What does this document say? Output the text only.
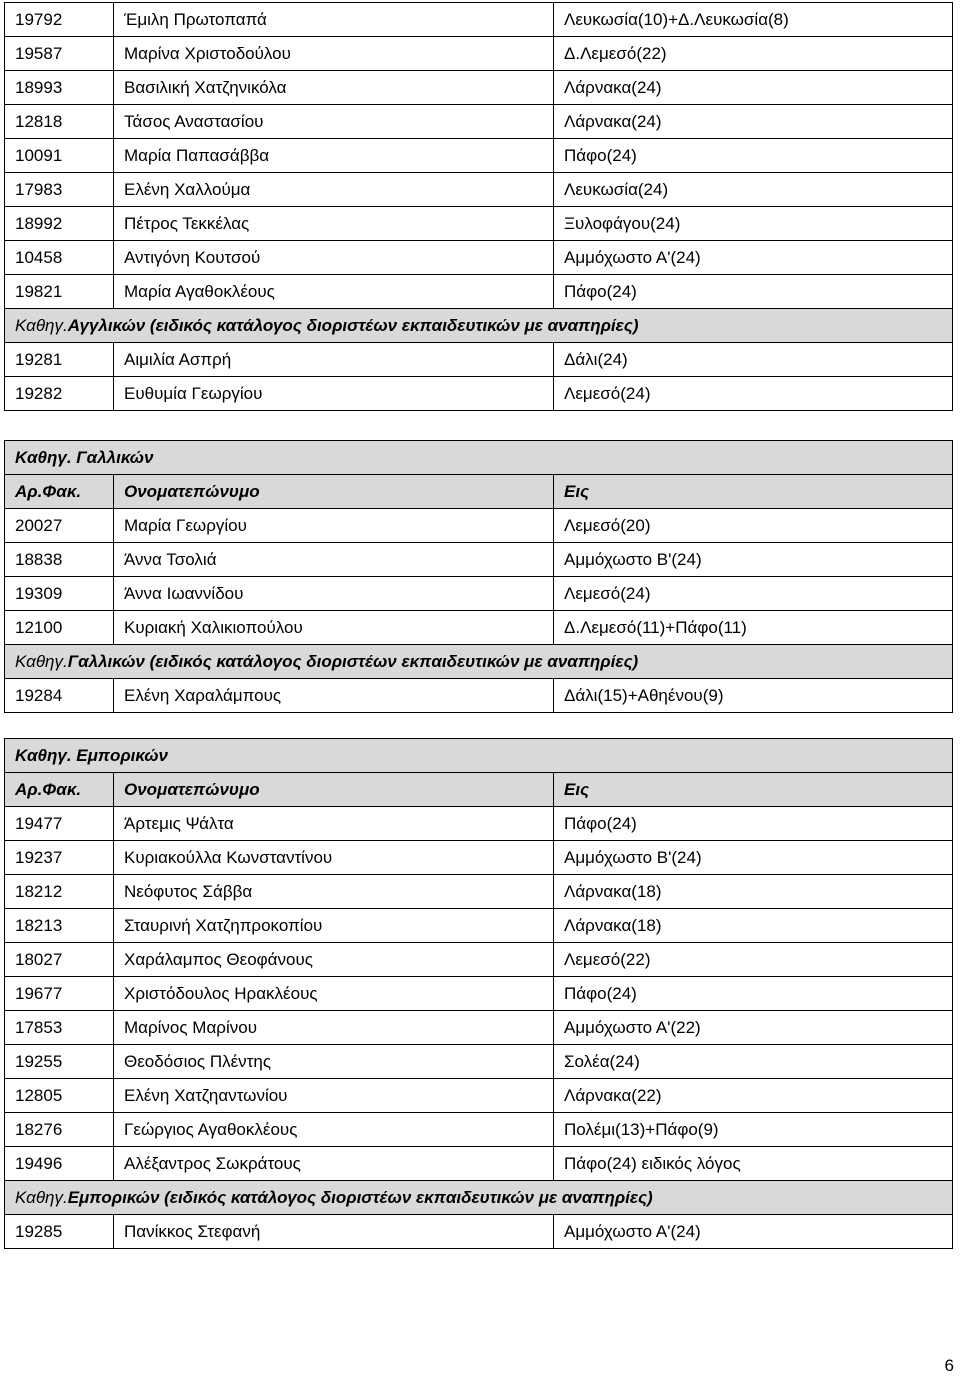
19792	Έμιλη Πρωτοπαπά	Λευκωσία(10)+Δ.Λευκωσία(8)
19587	Μαρίνα Χριστοδούλου	Δ.Λεμεσό(22)
18993	Βασιλική Χατζηνικόλα	Λάρνακα(24)
12818	Τάσος Αναστασίου	Λάρνακα(24)
10091	Μαρία Παπασάββα	Πάφο(24)
17983	Ελένη Χαλλούμα	Λευκωσία(24)
18992	Πέτρος Τεκκέλας	Ξυλοφάγου(24)
10458	Αντιγόνη Κουτσού	Αμμόχωστο Α'(24)
19821	Μαρία Αγαθοκλέους	Πάφο(24)
Καθηγ.Αγγλικών (ειδικός κατάλογος διοριστέων εκπαιδευτικών με αναπηρίες)		
19281	Αιμιλία Ασπρή	Δάλι(24)
19282	Ευθυμία Γεωργίου	Λεμεσό(24)
Καθηγ. Γαλλικών		
Αρ.Φακ.	Ονοματεπώνυμο	Εις
20027	Μαρία Γεωργίου	Λεμεσό(20)
18838	Άννα Τσολιά	Αμμόχωστο Β'(24)
19309	Άννα Ιωαννίδου	Λεμεσό(24)
12100	Κυριακή Χαλικιοπούλου	Δ.Λεμεσό(11)+Πάφο(11)
Καθηγ.Γαλλικών (ειδικός κατάλογος διοριστέων εκπαιδευτικών με αναπηρίες)		
19284	Ελένη Χαραλάμπους	Δάλι(15)+Αθηένου(9)
Καθηγ. Εμπορικών		
Αρ.Φακ.	Ονοματεπώνυμο	Εις
19477	Άρτεμις Ψάλτα	Πάφο(24)
19237	Κυριακούλλα Κωνσταντίνου	Αμμόχωστο Β'(24)
18212	Νεόφυτος Σάββα	Λάρνακα(18)
18213	Σταυρινή Χατζηπροκοπίου	Λάρνακα(18)
18027	Χαράλαμπος Θεοφάνους	Λεμεσό(22)
19677	Χριστόδουλος Ηρακλέους	Πάφο(24)
17853	Μαρίνος Μαρίνου	Αμμόχωστο Α'(22)
19255	Θεοδόσιος Πλέντης	Σολέα(24)
12805	Ελένη Χατζηαντωνίου	Λάρνακα(22)
18276	Γεώργιος Αγαθοκλέους	Πολέμι(13)+Πάφο(9)
19496	Αλέξαντρος Σωκράτους	Πάφο(24) ειδικός λόγος
Καθηγ.Εμπορικών (ειδικός κατάλογος διοριστέων εκπαιδευτικών με αναπηρίες)		
19285	Πανίκκος Στεφανή	Αμμόχωστο Α'(24)
6
